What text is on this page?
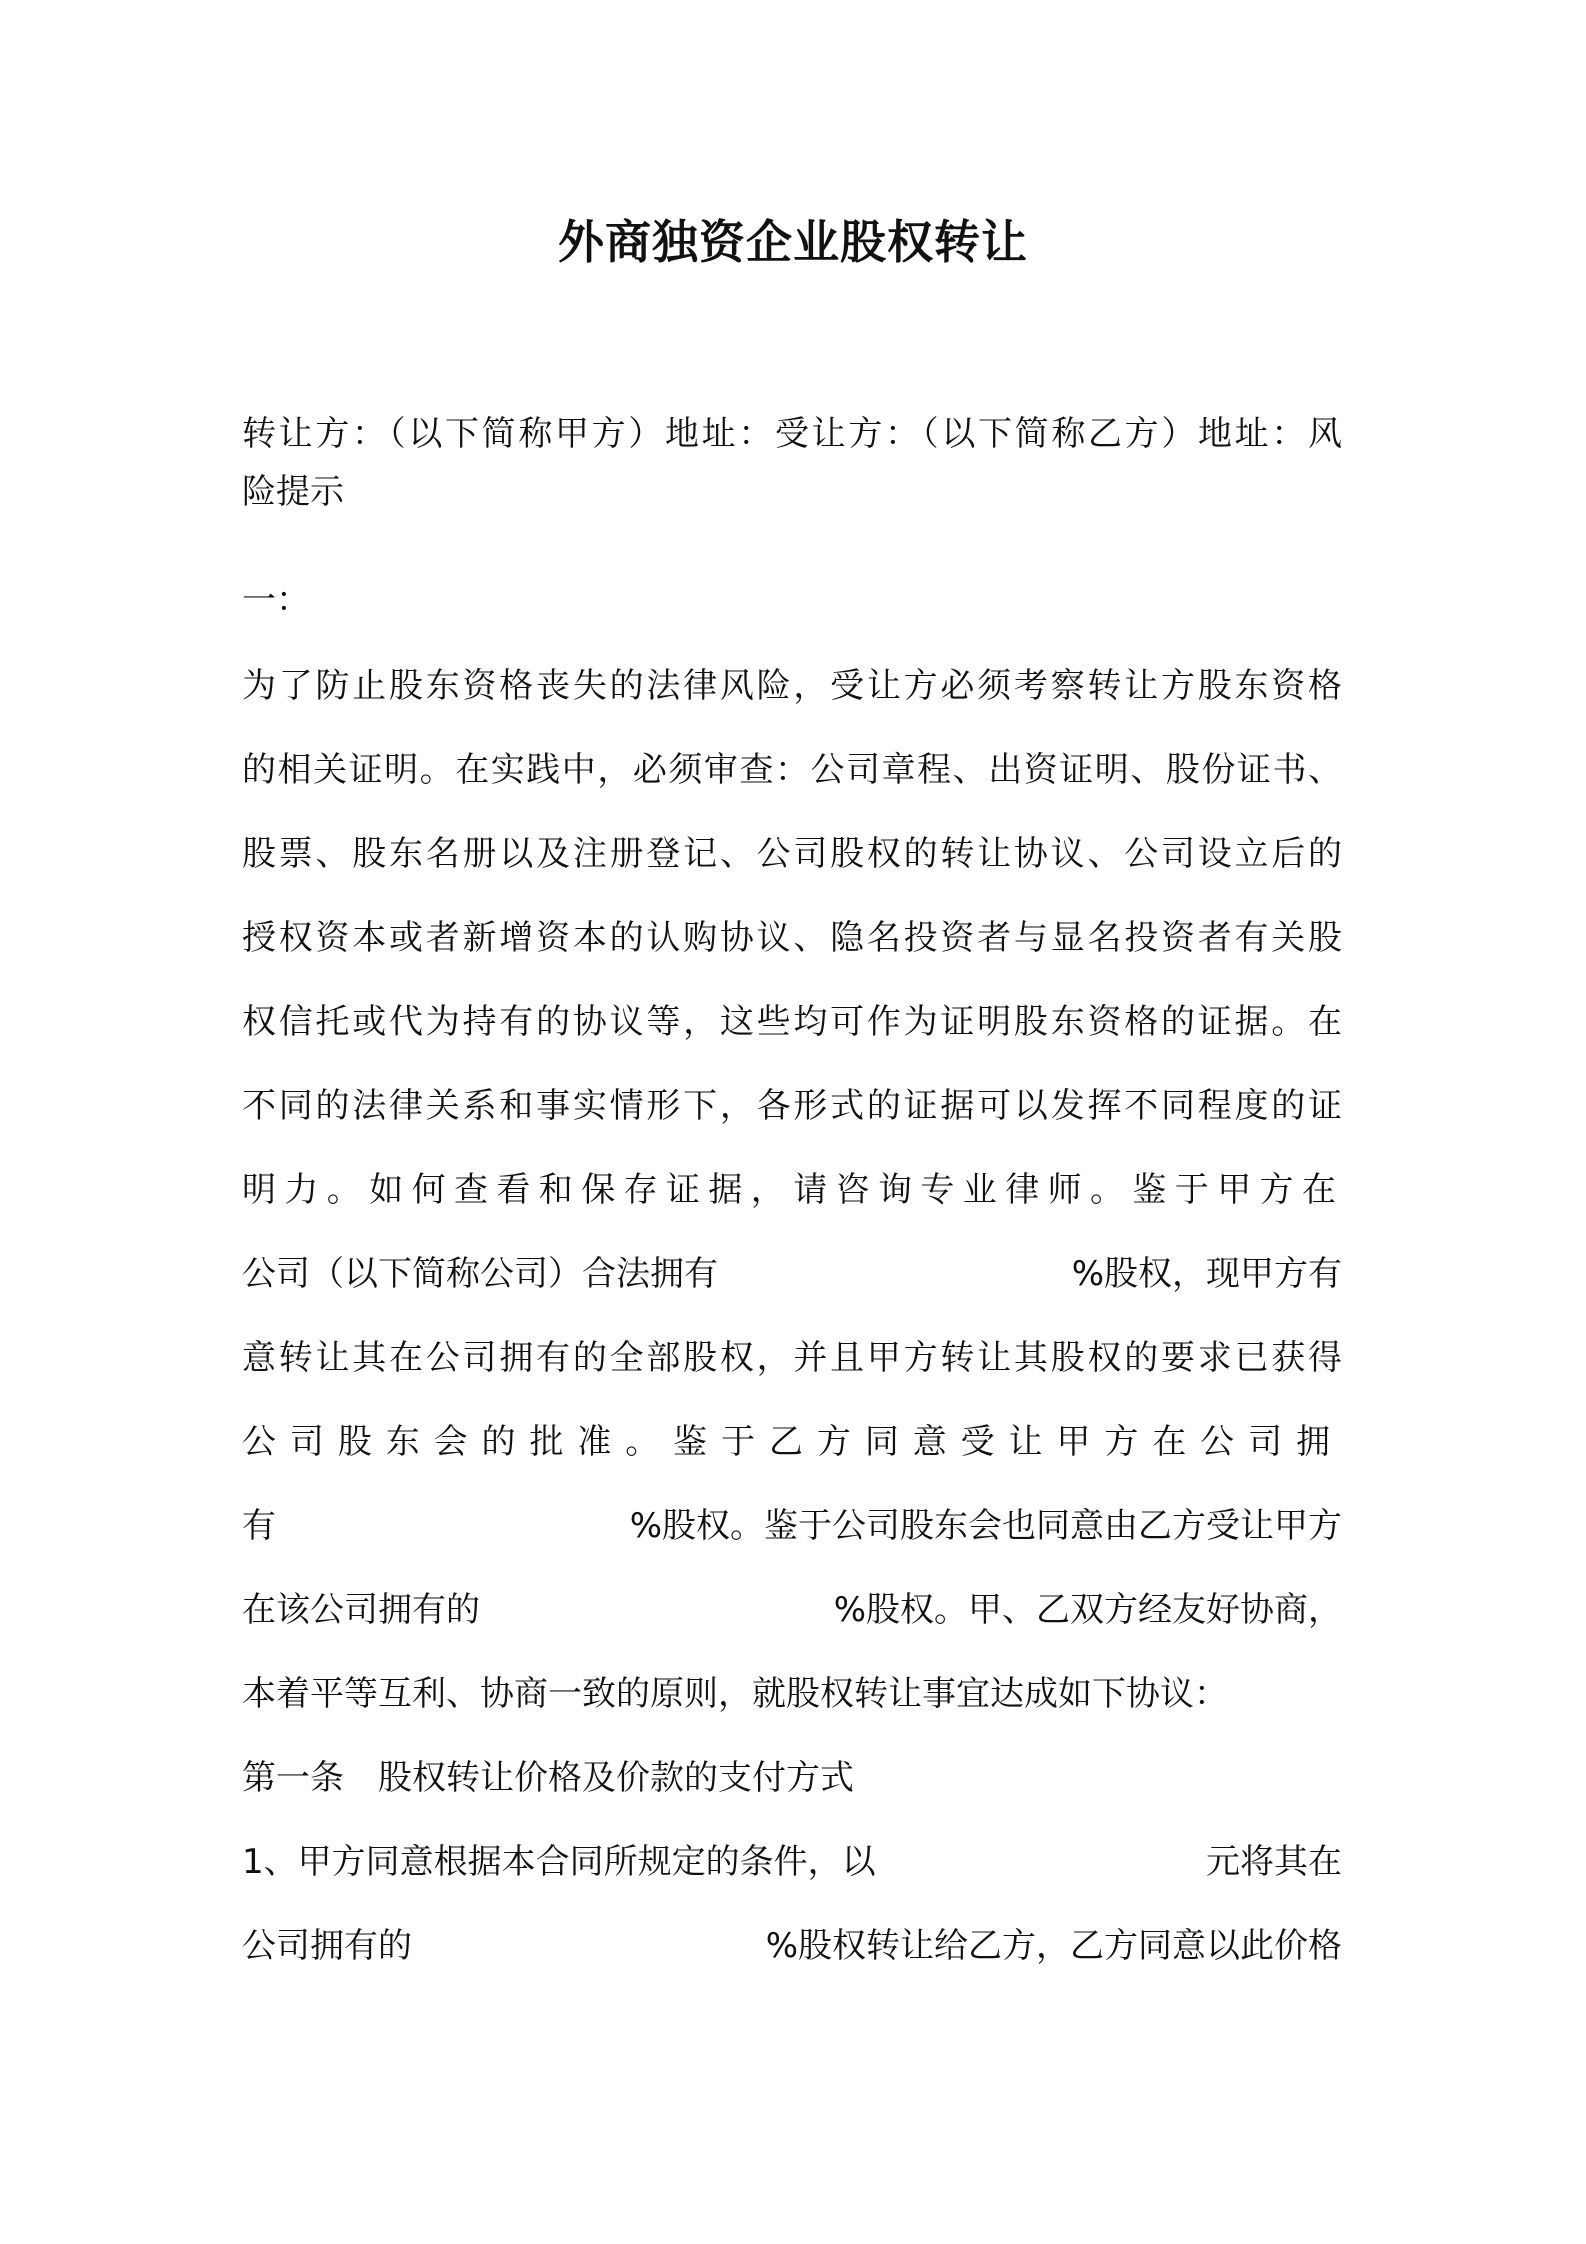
外商独资企业股权转让
转让方：（以下简称甲方）地址：受让方：（以下简称乙方）地址：风
险提示
一：
为了防止股东资格丧失的法律风险，受让方必须考察转让方股东资格
的相关证明。在实践中，必须审查：公司章程、出资证明、股份证书、
股票、股东名册以及注册登记、公司股权的转让协议、公司设立后的
授权资本或者新增资本的认购协议、隐名投资者与显名投资者有关股
权信托或代为持有的协议等，这些均可作为证明股东资格的证据。在
不同的法律关系和事实情形下，各形式的证据可以发挥不同程度的证
明力。如何查看和保存证据，请咨询专业律师。鉴于甲方在
公司（以下简称公司）合法拥有	%股权，现甲方有
意转让其在公司拥有的全部股权，并且甲方转让其股权的要求已获得
公司股东会的批准。鉴于乙方同意受让甲方在公司拥
有	%股权。鉴于公司股东会也同意由乙方受让甲方
在该公司拥有的	%股权。甲、乙双方经友好协商，
本着平等互利、协商一致的原则，就股权转让事宜达成如下协议：
第一条　股权转让价格及价款的支付方式
1、甲方同意根据本合同所规定的条件，以	元将其在
公司拥有的	%股权转让给乙方，乙方同意以此价格
